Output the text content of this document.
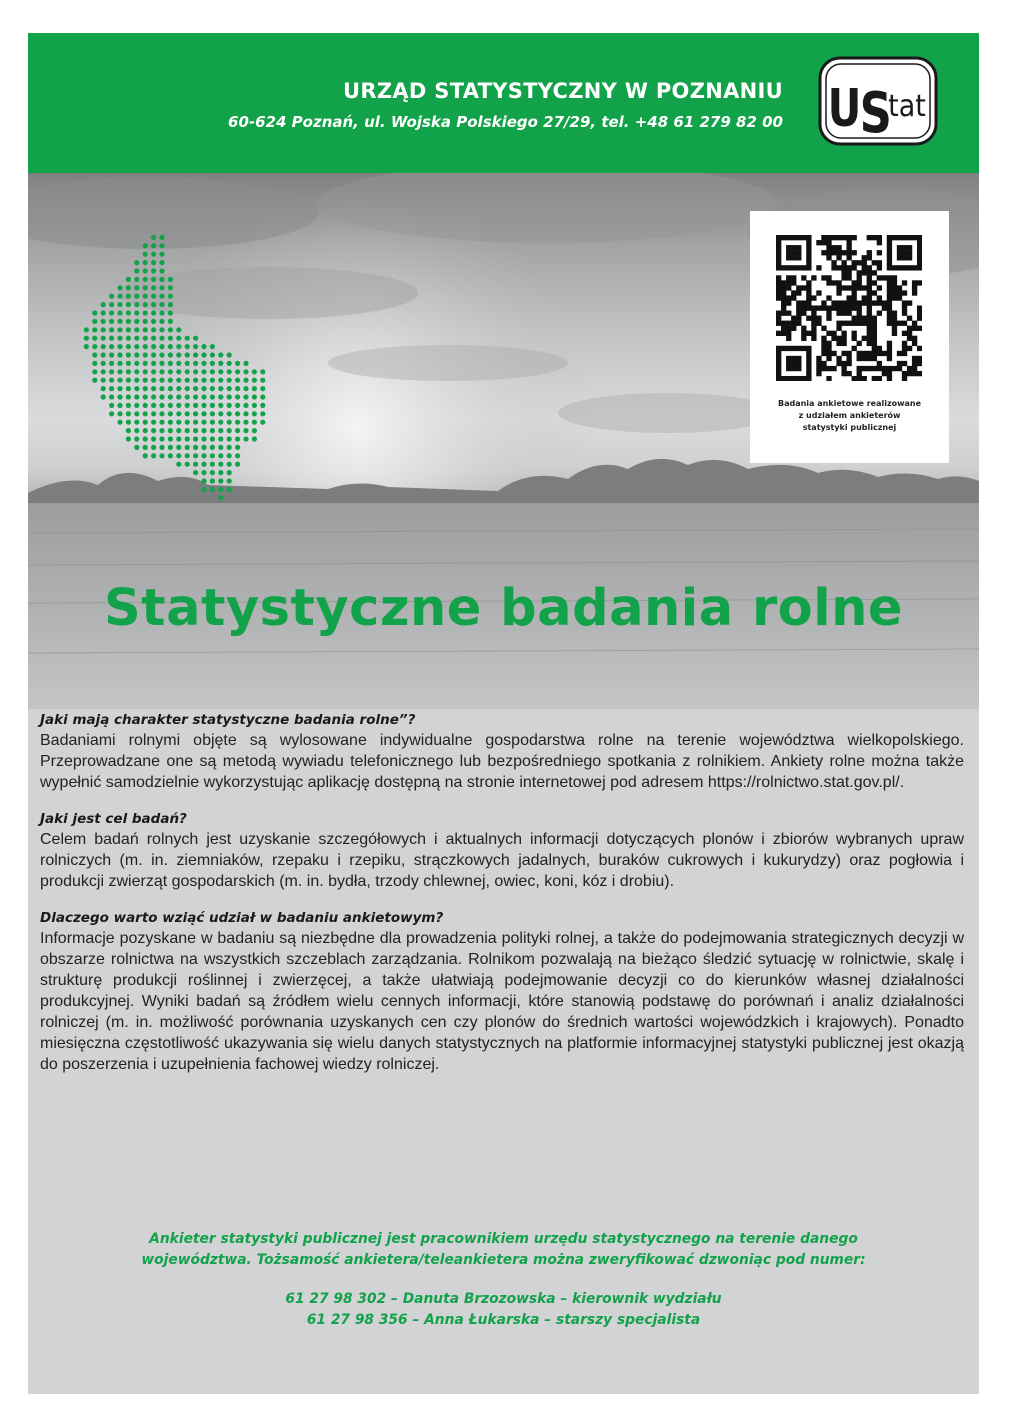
URZĄD STATYSTYCZNY W POZNANIU
60-624 Poznań, ul. Wojska Polskiego 27/29, tel. +48 61 279 82 00 U
S
tat
Badania ankietowe realizowane
z udziałem ankieterów
statystyki publicznej
Statystyczne badania rolne
Jaki mają charakter statystyczne badania rolne”?
Badaniami rolnymi objęte są wylosowane indywidualne gospodarstwa rolne na terenie województwa wielkopolskiego. Przeprowadzane one są metodą wywiadu telefonicznego lub bezpośredniego spotkania z rolnikiem. Ankiety rolne można także wypełnić samodzielnie wykorzystując aplikację dostępną na stronie internetowej pod adresem https://rolnictwo.stat.gov.pl/.
Jaki jest cel badań?
Celem badań rolnych jest uzyskanie szczegółowych i aktualnych informacji dotyczących plonów i zbiorów wybranych upraw rolniczych (m. in. ziemniaków, rzepaku i rzepiku, strączkowych jadalnych, buraków cukrowych i kukurydzy) oraz pogłowia i produkcji zwierząt gospodarskich (m. in. bydła, trzody chlewnej, owiec, koni, kóz i drobiu).
Dlaczego warto wziąć udział w badaniu ankietowym?
Informacje pozyskane w badaniu są niezbędne dla prowadzenia polityki rolnej, a także do podejmowania strategicznych decyzji w obszarze rolnictwa na wszystkich szczeblach zarządzania. Rolnikom pozwalają na bieżąco śledzić sytuację w rolnictwie, skalę i strukturę produkcji roślinnej i zwierzęcej, a także ułatwiają podejmowanie decyzji co do kierunków własnej działalności produkcyjnej. Wyniki badań są źródłem wielu cennych informacji, które stanowią podstawę do porównań i analiz działalności rolniczej (m. in. możliwość porównania uzyskanych cen czy plonów do średnich wartości wojewódzkich i krajowych). Ponadto miesięczna częstotliwość ukazywania się wielu danych statystycznych na platformie informacyjnej statystyki publicznej jest okazją do poszerzenia i uzupełnienia fachowej wiedzy rolniczej.
Ankieter statystyki publicznej jest pracownikiem urzędu statystycznego na terenie danego
województwa. Tożsamość ankietera/teleankietera można zweryfikować dzwoniąc pod numer:
61 27 98 302 – Danuta Brzozowska – kierownik wydziału
61 27 98 356 – Anna Łukarska – starszy specjalista
